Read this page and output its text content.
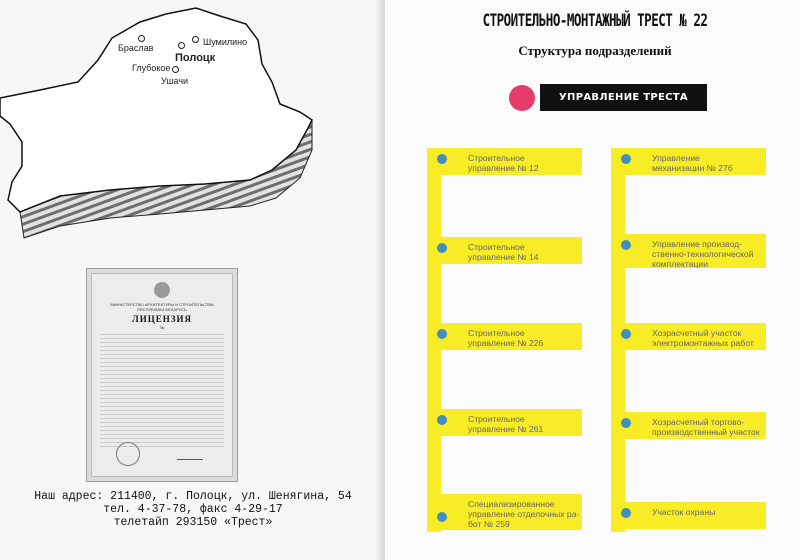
Браслав
Полоцк
Шумилино
Глубокое
Ушачи
МИНИСТЕРСТВО АРХИТЕКТУРЫ И СТРОИТЕЛЬСТВА РЕСПУБЛИКИ БЕЛАРУСЬ
ЛИЦЕНЗИЯ
№
Наш адрес: 211400, г. Полоцк, ул. Шенягина, 54
тел. 4-37-78, факс 4-29-17
телетайп 293150 «Трест»
СТРОИТЕЛЬНО-МОНТАЖНЫЙ ТРЕСТ № 22
Структура подразделений
УПРАВЛЕНИЕ ТРЕСТА
Строительное
управление № 12
Строительное
управление № 14
Строительное
управление № 226
Строительное
управление № 261
Специализированное
управление отделочных ра-
бот № 259
Управление
механизации № 276
Управление производ-
ственно-технологической
комплектации
Хозрасчетный участок
электромонтажных работ
Хозрасчетный торгово-
производственный участок
Участок охраны
